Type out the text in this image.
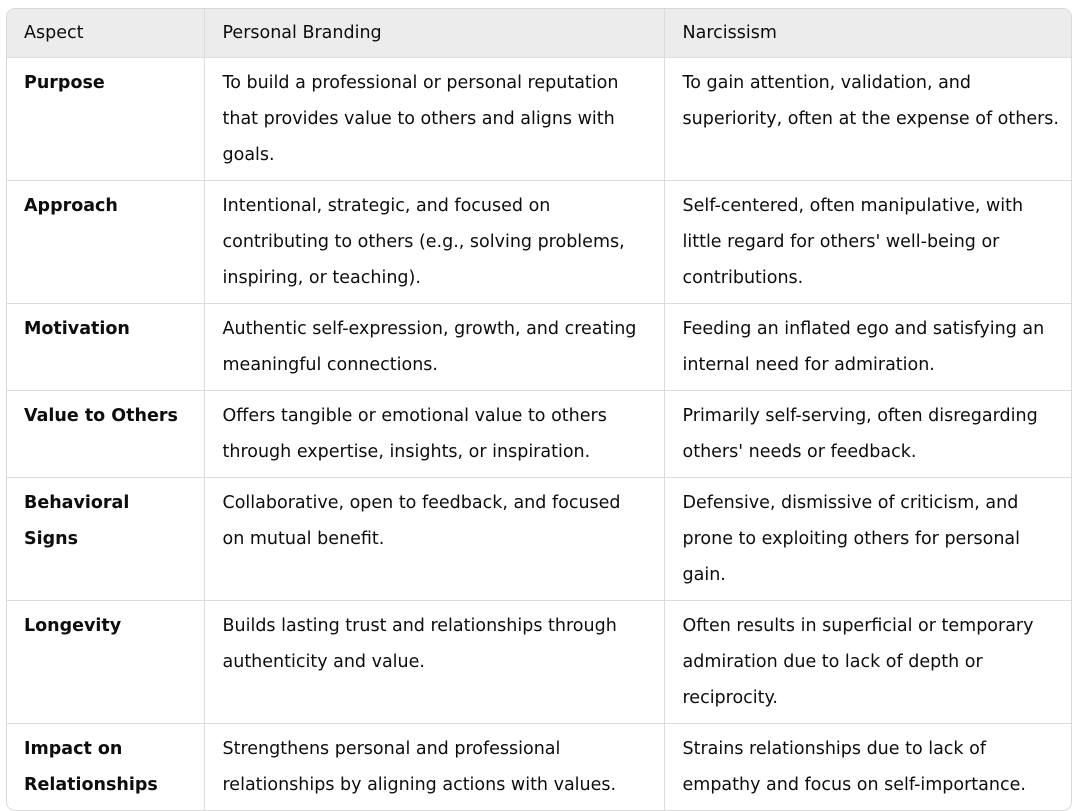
Aspect	Personal Branding	Narcissism
Purpose	To build a professional or personal reputation that provides value to others and aligns with goals.	To gain attention, validation, and superiority, often at the expense of others.
Approach	Intentional, strategic, and focused on contributing to others (e.g., solving problems, inspiring, or teaching).	Self-centered, often manipulative, with little regard for others' well-being or contributions.
Motivation	Authentic self-expression, growth, and creating meaningful connections.	Feeding an inflated ego and satisfying an internal need for admiration.
Value to Others	Offers tangible or emotional value to others through expertise, insights, or inspiration.	Primarily self-serving, often disregarding others' needs or feedback.
Behavioral Signs	Collaborative, open to feedback, and focused on mutual benefit.	Defensive, dismissive of criticism, and prone to exploiting others for personal gain.
Longevity	Builds lasting trust and relationships through authenticity and value.	Often results in superficial or temporary admiration due to lack of depth or reciprocity.
Impact on Relationships	Strengthens personal and professional relationships by aligning actions with values.	Strains relationships due to lack of empathy and focus on self-importance.
